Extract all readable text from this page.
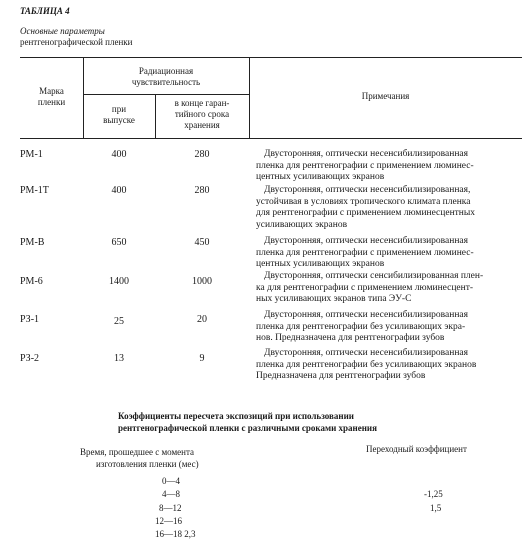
ТАБЛИЦА 4
Основные параметры
рентгенографической пленки
Марка
пленки
Радиационная
чувствительность
при
выпуске
в конце гаран-
тийного срока
хранения
Примечания
РМ-1	400	280	Двусторонняя, оптически несенсибилизированная
пленка для рентгенографии с применением люминес-
центных усиливающих экранов
РМ-1Т	400	280	Двусторонняя, оптически несенсибилизированная,
устойчивая в условиях тропического климата пленка
для рентгенографии с применением люминесцентных
усиливающих экранов
РМ-В	650	450	Двусторонняя, оптически несенсибилизированная
пленка для рентгенографии с применением люминес-
центных усиливающих экранов
РМ-6	1400	1000	Двусторонняя, оптически сенсибилизированная плен-
ка для рентгенографии с применением люминесцент-
ных усиливающих экранов типа ЭУ-С
РЗ-1	25	20	Двусторонняя, оптически несенсибилизированная
пленка для рентгенографии без усиливающих экра-
нов. Предназначена для рентгенографии зубов
РЗ-2	13	9	Двусторонняя, оптически несенсибилизированная
пленка для рентгенографии без усиливающих экранов
Предназначена для рентгенографии зубов
Коэффициенты пересчета экспозиций при использовании
рентгенографической пленки с различными сроками хранения
Время, прошедшее с момента
изготовления пленки (мес)
Переходный коэффициент
0—4
4—8	-1,25
8—12	1,5
12—16
16—18 2,3
